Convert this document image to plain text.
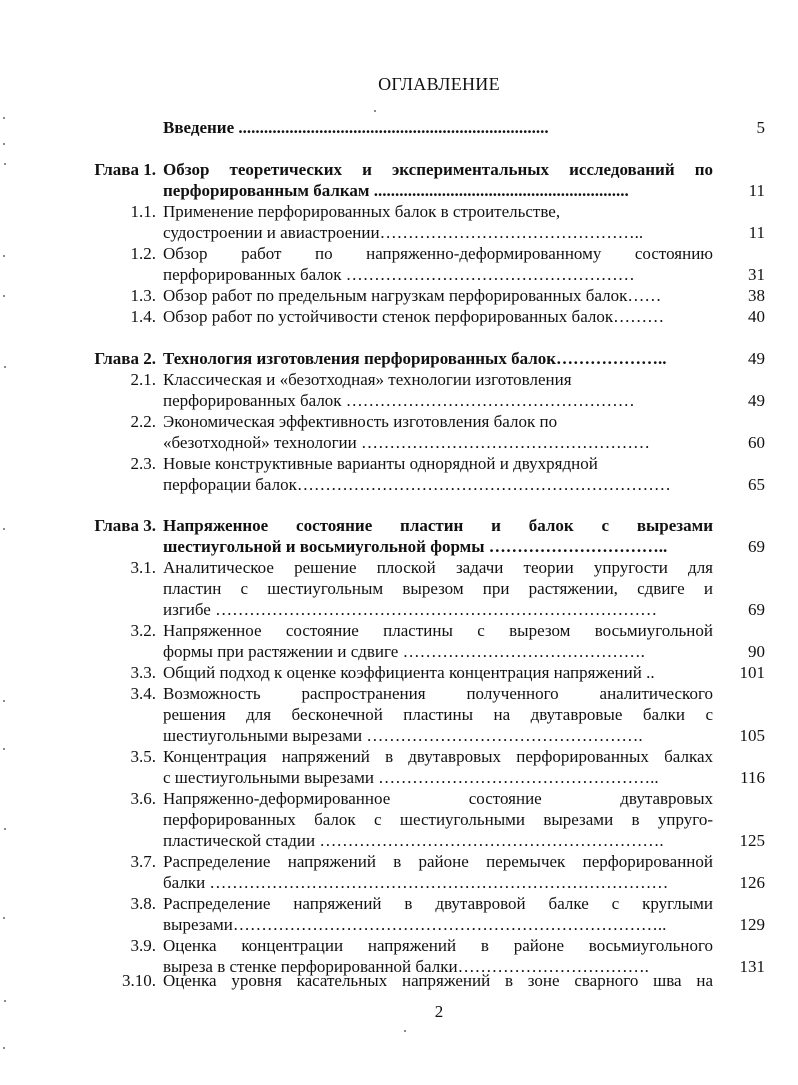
ОГЛАВЛЕНИЕ
Введение .........................................................................	5
Глава 1. Обзор теоретических и экспериментальных исследований по
перфорированным балкам ............................................................	11
1.1. Применение перфорированных балок в строительстве,
судостроении и авиастроении………………………………………..	11
1.2. Обзор работ по напряженно-деформированному состоянию
перфорированных балок ……………………………………………	31
1.3. Обзор работ по предельным нагрузкам перфорированных балок……	38
1.4. Обзор работ по устойчивости стенок перфорированных балок………	40
Глава 2. Технология изготовления перфорированных балок………………..	49
2.1. Классическая и «безотходная» технологии изготовления
перфорированных балок ……………………………………………	49
2.2. Экономическая эффективность изготовления балок по
«безотходной» технологии ……………………………………………	60
2.3. Новые конструктивные варианты однорядной и двухрядной
перфорации балок…………………………………………………………	65
Глава 3. Напряженное состояние пластин и балок с вырезами
шестиугольной и восьмиугольной формы …………………………..	69
3.1. Аналитическое решение плоской задачи теории упругости для
пластин с шестиугольным вырезом при растяжении, сдвиге и
изгибе ……………………………………………………………………	69
3.2. Напряженное состояние пластины с вырезом восьмиугольной
формы при растяжении и сдвиге …………………………………….	90
3.3. Общий подход к оценке коэффициента концентрация напряжений ..	101
3.4. Возможность распространения полученного аналитического
решения для бесконечной пластины на двутавровые балки с
шестиугольными вырезами ………………………………………….	105
3.5. Концентрация напряжений в двутавровых перфорированных балках
с шестиугольными вырезами …………………………………………..	116
3.6. Напряженно-деформированное состояние двутавровых
перфорированных балок с шестиугольными вырезами в упруго-
пластической стадии …………………………………………………….	125
3.7. Распределение напряжений в районе перемычек перфорированной
балки ………………………………………………………………………	126
3.8. Распределение напряжений в двутавровой балке с круглыми
вырезами…………………………………………………………………..	129
3.9. Оценка концентрации напряжений в районе восьмиугольного
выреза в стенке перфорированной балки…………………………….	131
3.10. Оценка уровня касательных напряжений в зоне сварного шва на
2
